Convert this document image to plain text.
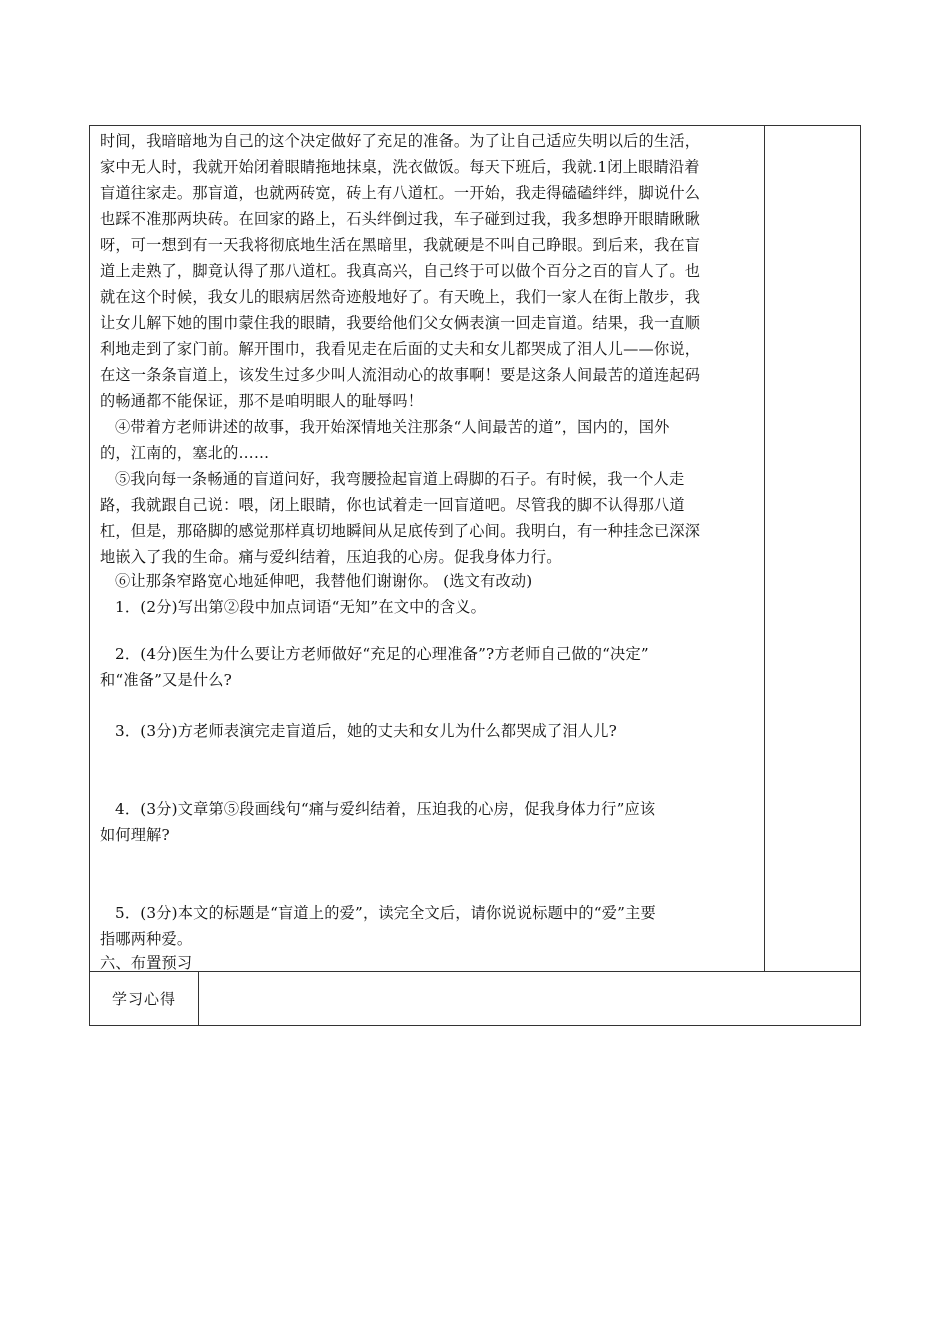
时间，我暗暗地为自己的这个决定做好了充足的准备。为了让自己适应失明以后的生活，
家中无人时，我就开始闭着眼睛拖地抹桌，洗衣做饭。每天下班后，我就.1闭上眼睛沿着
盲道往家走。那盲道，也就两砖宽，砖上有八道杠。一开始，我走得磕磕绊绊，脚说什么
也踩不准那两块砖。在回家的路上，石头绊倒过我，车子碰到过我，我多想睁开眼睛瞅瞅
呀，可一想到有一天我将彻底地生活在黑暗里，我就硬是不叫自己睁眼。到后来，我在盲
道上走熟了，脚竟认得了那八道杠。我真高兴，自己终于可以做个百分之百的盲人了。也
就在这个时候，我女儿的眼病居然奇迹般地好了。有天晚上，我们一家人在街上散步，我
让女儿解下她的围巾蒙住我的眼睛，我要给他们父女俩表演一回走盲道。结果，我一直顺
利地走到了家门前。解开围巾，我看见走在后面的丈夫和女儿都哭成了泪人儿——你说，
在这一条条盲道上，该发生过多少叫人流泪动心的故事啊！要是这条人间最苦的道连起码
的畅通都不能保证，那不是咱明眼人的耻辱吗！
④带着方老师讲述的故事，我开始深情地关注那条“人间最苦的道”，国内的，国外
的，江南的，塞北的……
⑤我向每一条畅通的盲道问好，我弯腰捡起盲道上碍脚的石子。有时候，我一个人走
路，我就跟自己说：喂，闭上眼睛，你也试着走一回盲道吧。尽管我的脚不认得那八道
杠，但是，那硌脚的感觉那样真切地瞬间从足底传到了心间。我明白，有一种挂念已深深
地嵌入了我的生命。痛与爱纠结着，压迫我的心房。促我身体力行。
⑥让那条窄路宽心地延伸吧，我替他们谢谢你。 (选文有改动)
1．(2分)写出第②段中加点词语“无知”在文中的含义。
2．(4分)医生为什么要让方老师做好“充足的心理准备”?方老师自己做的“决定”
和“准备”又是什么?
3．(3分)方老师表演完走盲道后，她的丈夫和女儿为什么都哭成了泪人儿?
4．(3分)文章第⑤段画线句“痛与爱纠结着，压迫我的心房，促我身体力行”应该
如何理解?
5．(3分)本文的标题是“盲道上的爱”，读完全文后，请你说说标题中的“爱”主要
指哪两种爱。
六、布置预习
学习心得
